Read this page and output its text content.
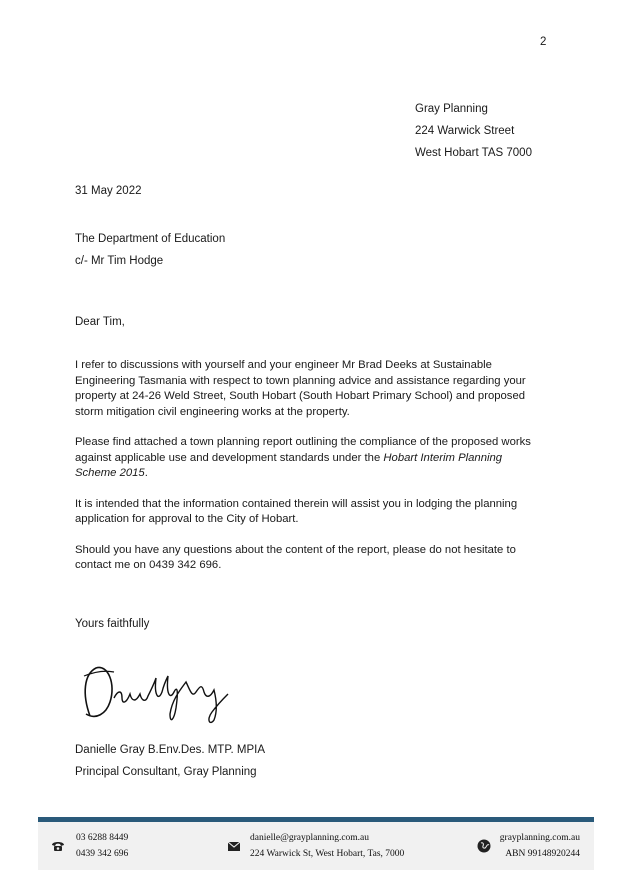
2
Gray Planning
224 Warwick Street
West Hobart TAS 7000
31 May 2022
The Department of Education
c/- Mr Tim Hodge
Dear Tim,

I refer to discussions with yourself and your engineer Mr Brad Deeks at Sustainable Engineering Tasmania with respect to town planning advice and assistance regarding your property at 24-26 Weld Street, South Hobart (South Hobart Primary School) and proposed storm mitigation civil engineering works at the property.

Please find attached a town planning report outlining the compliance of the proposed works against applicable use and development standards under the Hobart Interim Planning Scheme 2015.

It is intended that the information contained therein will assist you in lodging the planning application for approval to the City of Hobart.

Should you have any questions about the content of the report, please do not hesitate to contact me on 0439 342 696.

Yours faithfully
Danielle Gray B.Env.Des. MTP. MPIA
Principal Consultant, Gray Planning
03 6288 8449
0439 342 696
danielle@grayplanning.com.au
224 Warwick St, West Hobart, Tas, 7000
grayplanning.com.au
ABN 99148920244
